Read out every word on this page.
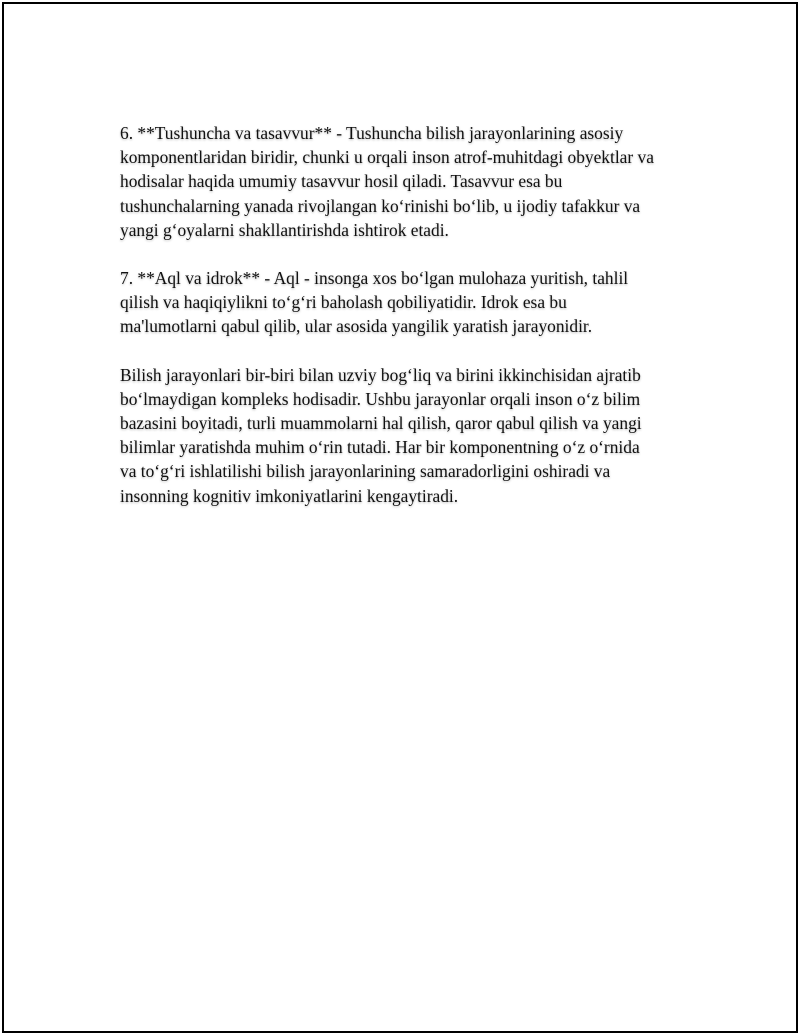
6. **Tushuncha va tasavvur** - Tushuncha bilish jarayonlarining asosiy
komponentlaridan biridir, chunki u orqali inson atrof-muhitdagi obyektlar va
hodisalar haqida umumiy tasavvur hosil qiladi. Tasavvur esa bu
tushunchalarning yanada rivojlangan ko‘rinishi bo‘lib, u ijodiy tafakkur va
yangi g‘oyalarni shakllantirishda ishtirok etadi.

7. **Aql va idrok** - Aql - insonga xos bo‘lgan mulohaza yuritish, tahlil
qilish va haqiqiylikni to‘g‘ri baholash qobiliyatidir. Idrok esa bu
ma'lumotlarni qabul qilib, ular asosida yangilik yaratish jarayonidir.

Bilish jarayonlari bir-biri bilan uzviy bog‘liq va birini ikkinchisidan ajratib
bo‘lmaydigan kompleks hodisadir. Ushbu jarayonlar orqali inson o‘z bilim
bazasini boyitadi, turli muammolarni hal qilish, qaror qabul qilish va yangi
bilimlar yaratishda muhim o‘rin tutadi. Har bir komponentning o‘z o‘rnida
va to‘g‘ri ishlatilishi bilish jarayonlarining samaradorligini oshiradi va
insonning kognitiv imkoniyatlarini kengaytiradi.
